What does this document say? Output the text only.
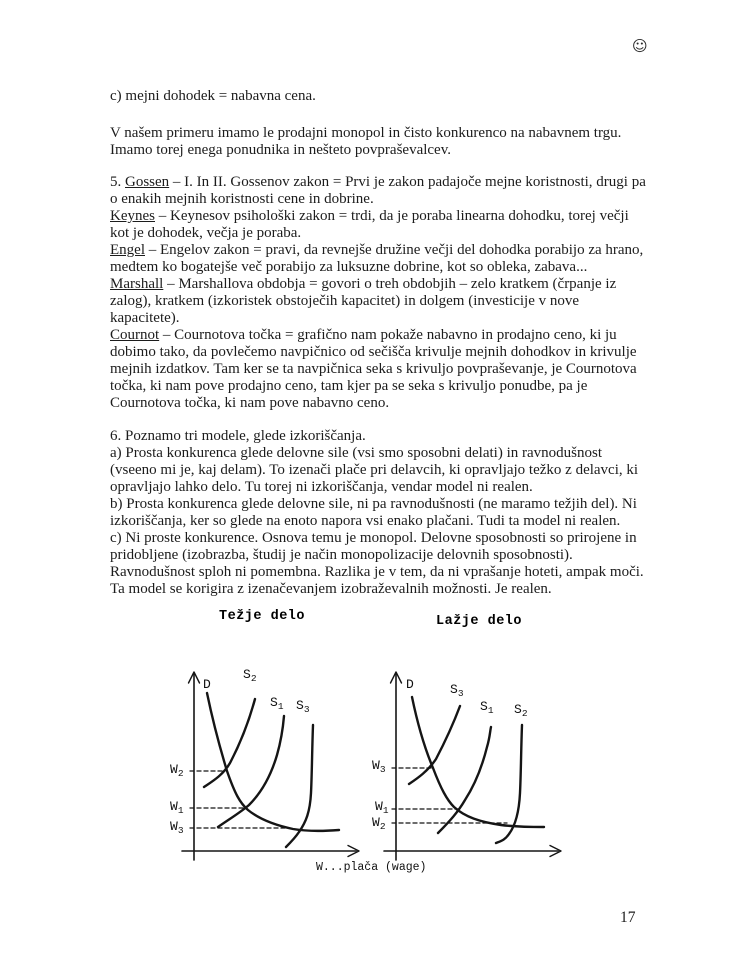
☺
c) mejni dohodek = nabavna cena.
V našem primeru imamo le prodajni monopol in čisto konkurenco na nabavnem trgu.
Imamo torej enega ponudnika in nešteto povpraševalcev.
5. Gossen – I. In II. Gossenov zakon = Prvi je zakon padajoče mejne koristnosti, drugi pa
o enakih mejnih koristnosti cene in dobrine.
Keynes – Keynesov psihološki zakon = trdi, da je poraba linearna dohodku, torej večji
kot je dohodek, večja je poraba.
Engel – Engelov zakon = pravi, da revnejše družine večji del dohodka porabijo za hrano,
medtem ko bogatejše več porabijo za luksuzne dobrine, kot so obleka, zabava...
Marshall – Marshallova obdobja = govori o treh obdobjih – zelo kratkem (črpanje iz
zalog), kratkem (izkoristek obstoječih kapacitet) in dolgem (investicije v nove
kapacitete).
Cournot – Cournotova točka = grafično nam pokaže nabavno in prodajno ceno, ki ju
dobimo tako, da povlečemo navpičnico od sečišča krivulje mejnih dohodkov in krivulje
mejnih izdatkov. Tam ker se ta navpičnica seka s krivuljo povpraševanje, je Cournotova
točka, ki nam pove prodajno ceno, tam kjer pa se seka s krivuljo ponudbe, pa je
Cournotova točka, ki nam pove nabavno ceno.
6. Poznamo tri modele, glede izkoriščanja.
a) Prosta konkurenca glede delovne sile (vsi smo sposobni delati) in ravnodušnost
(vseeno mi je, kaj delam). To izenači plače pri delavcih, ki opravljajo težko z delavci, ki
opravljajo lahko delo. Tu torej ni izkoriščanja, vendar model ni realen.
b) Prosta konkurenca glede delovne sile, ni pa ravnodušnosti (ne maramo težjih del). Ni
izkoriščanja, ker so glede na enoto napora vsi enako plačani. Tudi ta model ni realen.
c) Ni proste konkurence. Osnova temu je monopol. Delovne sposobnosti so prirojene in
pridobljene (izobrazba, študij je način monopolizacije delovnih sposobnosti).
Ravnodušnost sploh ni pomembna. Razlika je v tem, da ni vprašanje hoteti, ampak moči.
Ta model se korigira z izenačevanjem izobraževalnih možnosti. Je realen.
Težje delo	Lažje delo
D
$S_2$
$S_1$ $S_3$
$W_2$
$W_1$
$W_3$
D	$S_3$
$S_1$ $S_2$
$W_3$
$W_1$
$W_2$
W...plača (wage)
17
